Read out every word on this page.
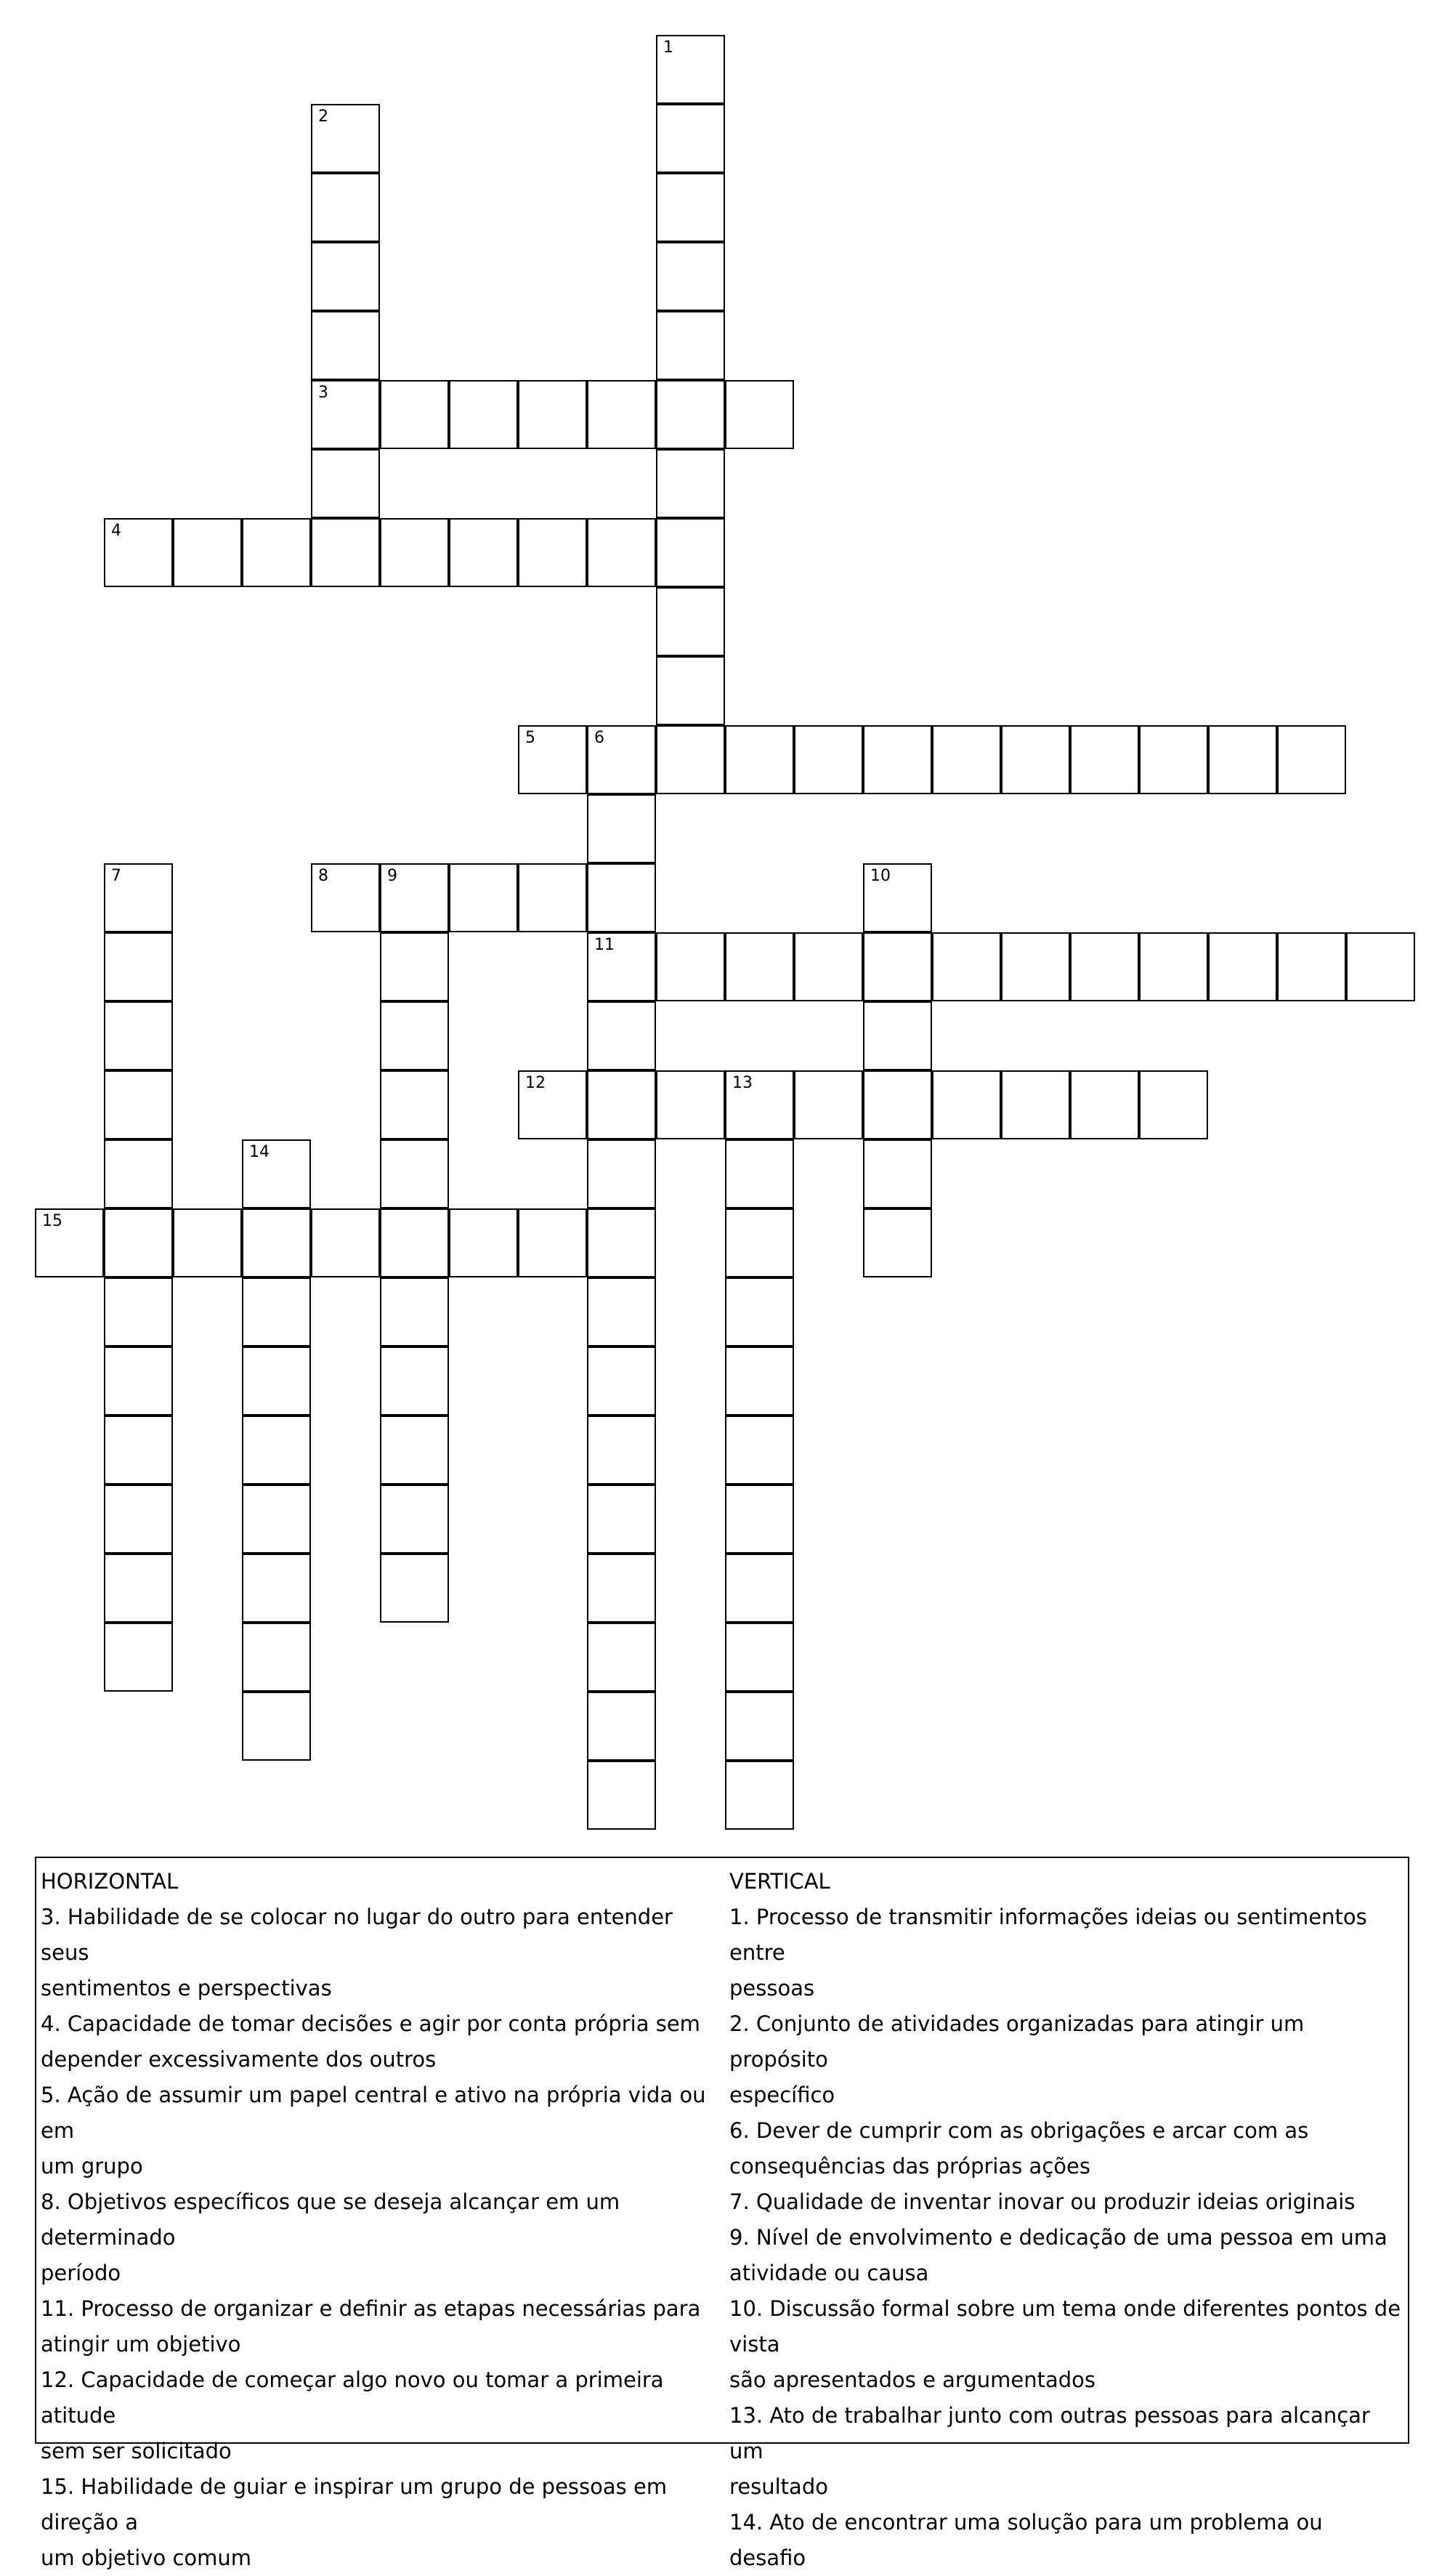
1
2
3
4
5	6
11
7	8	9	10
12	13
14
15
HORIZONTAL

3. Habilidade de se colocar no lugar do outro para entender seus

sentimentos e perspectivas

4. Capacidade de tomar decisões e agir por conta própria sem

depender excessivamente dos outros

5. Ação de assumir um papel central e ativo na própria vida ou em

um grupo

8. Objetivos específicos que se deseja alcançar em um determinado

período

11. Processo de organizar e definir as etapas necessárias para

atingir um objetivo

12. Capacidade de começar algo novo ou tomar a primeira atitude

sem ser solicitado

15. Habilidade de guiar e inspirar um grupo de pessoas em direção a

um objetivo comum

VERTICAL

1. Processo de transmitir informações ideias ou sentimentos entre

pessoas

2. Conjunto de atividades organizadas para atingir um propósito

específico

6. Dever de cumprir com as obrigações e arcar com as

consequências das próprias ações

7. Qualidade de inventar inovar ou produzir ideias originais

9. Nível de envolvimento e dedicação de uma pessoa em uma

atividade ou causa

10. Discussão formal sobre um tema onde diferentes pontos de vista

são apresentados e argumentados

13. Ato de trabalhar junto com outras pessoas para alcançar um

resultado

14. Ato de encontrar uma solução para um problema ou desafio
